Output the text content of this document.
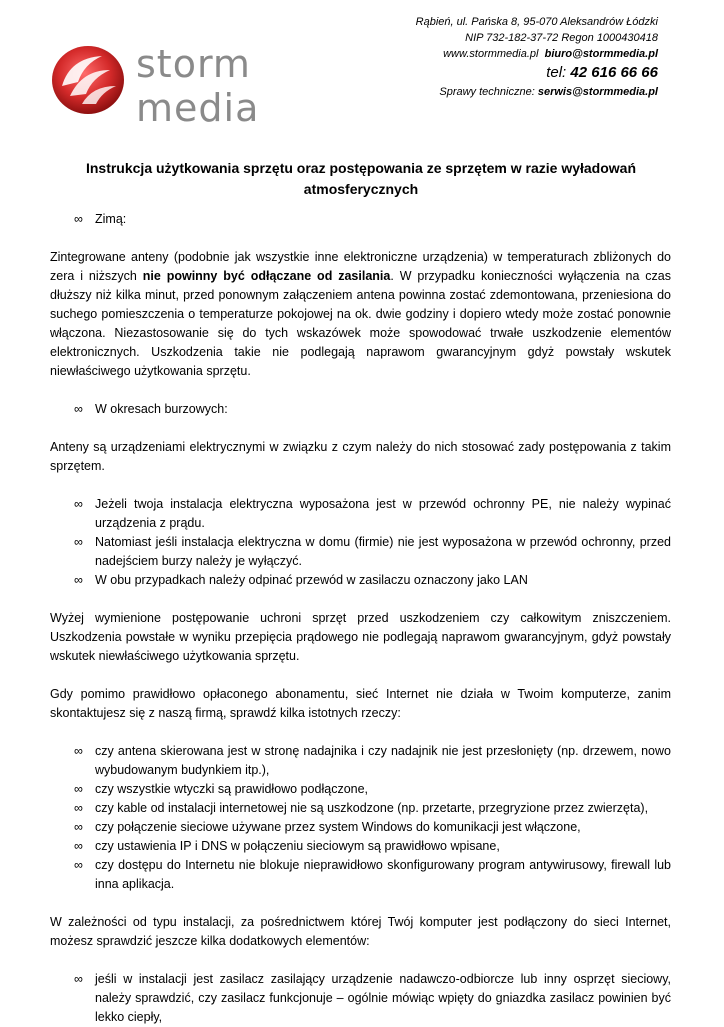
storm media
Rąbień, ul. Pańska 8, 95-070 Aleksandrów Łódzki
NIP 732-182-37-72 Regon 1000430418
www.stormmedia.pl biuro@stormmedia.pl
tel: 42 616 66 66
Sprawy techniczne: serwis@stormmedia.pl
Instrukcja użytkowania sprzętu oraz postępowania ze sprzętem w razie wyładowań
atmosferycznych
∞ Zimą:

Zintegrowane anteny (podobnie jak wszystkie inne elektroniczne urządzenia) w temperaturach zbliżonych do zera i niższych nie powinny być odłączane od zasilania. W przypadku konieczności wyłączenia na czas dłuższy niż kilka minut, przed ponownym załączeniem antena powinna zostać zdemontowana, przeniesiona do suchego pomieszczenia o temperaturze pokojowej na ok. dwie godziny i dopiero wtedy może zostać ponownie włączona. Niezastosowanie się do tych wskazówek może spowodować trwałe uszkodzenie elementów elektronicznych. Uszkodzenia takie nie podlegają naprawom gwarancyjnym gdyż powstały wskutek niewłaściwego użytkowania sprzętu.

∞ W okresach burzowych:

Anteny są urządzeniami elektrycznymi w związku z czym należy do nich stosować zady postępowania z takim sprzętem.

∞ Jeżeli twoja instalacja elektryczna wyposażona jest w przewód ochronny PE, nie należy wypinać urządzenia z prądu.
∞ Natomiast jeśli instalacja elektryczna w domu (firmie) nie jest wyposażona w przewód ochronny, przed nadejściem burzy należy je wyłączyć.
∞ W obu przypadkach należy odpinać przewód w zasilaczu oznaczony jako LAN

Wyżej wymienione postępowanie uchroni sprzęt przed uszkodzeniem czy całkowitym zniszczeniem. Uszkodzenia powstałe w wyniku przepięcia prądowego nie podlegają naprawom gwarancyjnym, gdyż powstały wskutek niewłaściwego użytkowania sprzętu.

Gdy pomimo prawidłowo opłaconego abonamentu, sieć Internet nie działa w Twoim komputerze, zanim skontaktujesz się z naszą firmą, sprawdź kilka istotnych rzeczy:

∞ czy antena skierowana jest w stronę nadajnika i czy nadajnik nie jest przesłonięty (np. drzewem, nowo wybudowanym budynkiem itp.),
∞ czy wszystkie wtyczki są prawidłowo podłączone,
∞ czy kable od instalacji internetowej nie są uszkodzone (np. przetarte, przegryzione przez zwierzęta),
∞ czy połączenie sieciowe używane przez system Windows do komunikacji jest włączone,
∞ czy ustawienia IP i DNS w połączeniu sieciowym są prawidłowo wpisane,
∞ czy dostępu do Internetu nie blokuje nieprawidłowo skonfigurowany program antywirusowy, firewall lub inna aplikacja.

W zależności od typu instalacji, za pośrednictwem której Twój komputer jest podłączony do sieci Internet, możesz sprawdzić jeszcze kilka dodatkowych elementów:

∞ jeśli w instalacji jest zasilacz zasilający urządzenie nadawczo-odbiorcze lub inny osprzęt sieciowy, należy sprawdzić, czy zasilacz funkcjonuje – ogólnie mówiąc wpięty do gniazdka zasilacz powinien być lekko ciepły,
